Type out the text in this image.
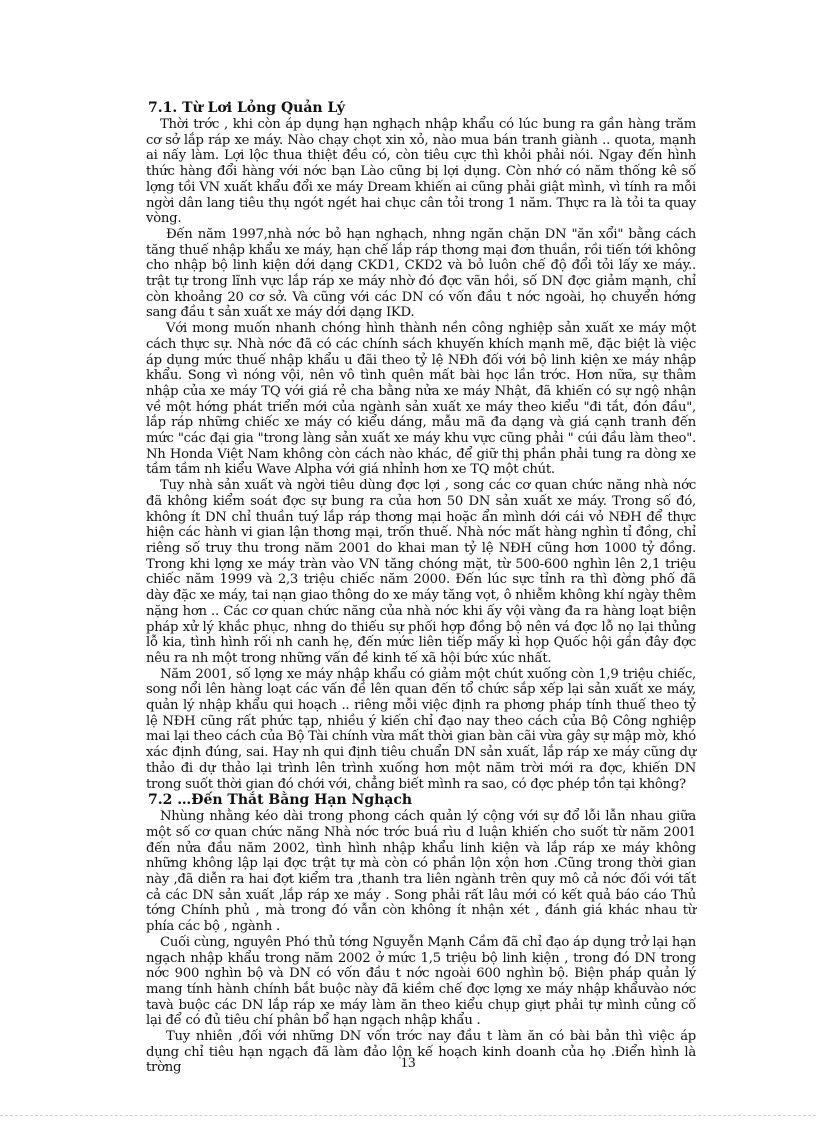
7.1. Từ Lơi Lỏng Quản Lý

Thời trớc , khi còn áp dụng hạn nghạch nhập khẩu có lúc bung ra gần hàng trăm cơ sở lắp ráp xe máy. Nào chạy chọt xin xỏ, nào mua bán tranh giành .. quota, mạnh ai nấy làm. Lợi lộc thua thiệt đều có, còn tiêu cực thì khỏi phải nói. Ngay đến hình thức hàng đổi hàng với nớc bạn Lào cũng bị lợi dụng. Còn nhớ có năm thống kê số lợng tồi VN xuất khẩu đổi xe máy Dream khiến ai cũng phải giật mình, vì tính ra mỗi ngời dân lang tiêu thụ ngót ngét hai chục cân tỏi trong 1 năm. Thực ra là tỏi ta quay vòng.

Đến năm 1997,nhà nớc bỏ hạn nghạch, nhng ngăn chặn DN "ăn xổi" bằng cách tăng thuế nhập khẩu xe máy, hạn chế lắp ráp thơng mại đơn thuần, rồi tiến tới không cho nhập bộ linh kiện dới dạng CKD1, CKD2 và bỏ luôn chế độ đổi tỏi lấy xe máy.. trật tự trong lĩnh vực lắp ráp xe máy nhờ đó đợc vãn hồi, số DN đợc giảm mạnh, chỉ còn khoảng 20 cơ sở. Và cũng với các DN có vốn đầu t nớc ngoài, họ chuyển hớng sang đầu t sản xuất xe máy dới dạng IKD.

Với mong muốn nhanh chóng hình thành nền công nghiệp sản xuất xe máy một cách thực sự. Nhà nớc đã có các chính sách khuyến khích mạnh mẽ, đặc biệt là việc áp dụng mức thuế nhập khẩu u đãi theo tỷ lệ NĐh đối với bộ linh kiện xe máy nhập khẩu. Song vì nóng vội, nên vô tình quên mất bài học lần trớc. Hơn nữa, sự thâm nhập của xe máy TQ với giá rẻ cha bằng nửa xe máy Nhật, đã khiến có sự ngộ nhận về một hớng phát triển mới của ngành sản xuất xe máy theo kiểu "đi tắt, đón đầu", lắp ráp những chiếc xe máy có kiểu dáng, mẫu mã đa dạng và giá cạnh tranh đến mức "các đại gia "trong làng sản xuất xe máy khu vực cũng phải " cúi đầu làm theo". Nh Honda Việt Nam không còn cách nào khác, để giữ thị phần phải tung ra dòng xe tầm tầm nh kiểu Wave Alpha với giá nhỉnh hơn xe TQ một chút.

Tuy nhà sản xuất và ngời tiêu dùng đợc lợi , song các cơ quan chức năng nhà nớc đã không kiểm soát đợc sự bung ra của hơn 50 DN sản xuất xe máy. Trong số đó, không ít DN chỉ thuần tuý lắp ráp thơng mại hoặc ẩn mình dới cái vỏ NĐH để thực hiện các hành vi gian lận thơng mại, trốn thuế. Nhà nớc mất hàng nghìn tỉ đồng, chỉ riêng số truy thu trong năm 2001 do khai man tỷ lệ NĐH cũng hơn 1000 tỷ đồng. Trong khi lợng xe máy tràn vào VN tăng chóng mặt, từ 500-600 nghìn lên 2,1 triệu chiếc năm 1999 và 2,3 triệu chiếc năm 2000. Đến lúc sực tỉnh ra thì đờng phố đã dày đặc xe máy, tai nạn giao thông do xe máy tăng vọt, ô nhiễm không khí ngày thêm nặng hơn .. Các cơ quan chức năng của nhà nớc khi ấy vội vàng đa ra hàng loạt biện pháp xử lý khắc phục, nhng do thiếu sự phối hợp đồng bộ nên vá đợc lỗ nọ lại thủng lỗ kia, tình hình rối nh canh hẹ, đến mức liên tiếp mấy kì họp Quốc hội gần đây đợc nêu ra nh một trong những vấn đề kinh tế xã hội bức xúc nhất.

Năm 2001, số lợng xe máy nhập khẩu có giảm một chút xuống còn 1,9 triệu chiếc, song nổi lên hàng loạt các vấn đề lên quan đến tổ chức sắp xếp lại sản xuất xe máy, quản lý nhập khẩu qui hoạch .. riêng mỗi việc định ra phơng pháp tính thuế theo tỷ lệ NĐH cũng rất phức tạp, nhiều ý kiến chỉ đạo nay theo cách của Bộ Công nghiệp mai lại theo cách của Bộ Tài chính vừa mất thời gian bàn cãi vừa gây sự mập mờ, khó xác định đúng, sai. Hay nh qui định tiêu chuẩn DN sản xuất, lắp ráp xe máy cũng dự thảo đi dự thảo lại trình lên trình xuống hơn một năm trời mới ra đợc, khiến DN trong suốt thời gian đó chới với, chẳng biết mình ra sao, có đợc phép tồn tại không?

7.2 …Đến Thắt Bằng Hạn Nghạch

Nhùng nhằng kéo dài trong phong cách quản lý cộng với sự đổ lỗi lẫn nhau giữa một số cơ quan chức năng Nhà nớc trớc buá rìu d luận khiến cho suốt từ năm 2001 đến nửa đầu năm 2002, tình hình nhập khẩu linh kiện và lắp ráp xe máy không những không lập lại đợc trật tự mà còn có phần lộn xộn hơn .Cũng trong thời gian này ,đã diễn ra hai đợt kiểm tra ,thanh tra liên ngành trên quy mô cả nớc đối với tất cả các DN sản xuất ,lắp ráp xe máy . Song phải rất lâu mới có kết quả báo cáo Thủ tớng Chính phủ , mà trong đó vẫn còn không ít nhận xét , đánh giá khác nhau từ phía các bộ , ngành .

Cuối cùng, nguyên Phó thủ tớng Nguyễn Mạnh Cầm đã chỉ đạo áp dụng trở lại hạn ngạch nhập khẩu trong năm 2002 ở mức 1,5 triệu bộ linh kiện , trong đó DN trong nớc 900 nghìn bộ và DN có vốn đầu t nớc ngoài 600 nghìn bộ. Biện pháp quản lý mang tính hành chính bắt buộc này đã kiềm chế đợc lợng xe máy nhập khẩuvào nớc tavà buộc các DN lắp ráp xe máy làm ăn theo kiểu chụp giựt phải tự mình củng cố lại để có đủ tiêu chí phân bổ hạn ngạch nhập khẩu .

Tuy nhiên ,đối với những DN vốn trớc nay đầu t làm ăn có bài bản thì việc áp dụng chỉ tiêu hạn ngạch đã làm đảo lộn kế hoạch kinh doanh của họ .Điển hình là trờng	13
